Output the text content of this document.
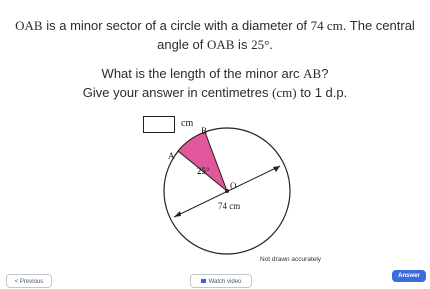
OAB is a minor sector of a circle with a diameter of 74 cm. The central
angle of OAB is 25°.
What is the length of the minor arc AB?
Give your answer in centimetres (cm) to 1 d.p.
cm
A
B
O
25°
74 cm
Not drawn accurately
< Previous	Watch video
Answer
